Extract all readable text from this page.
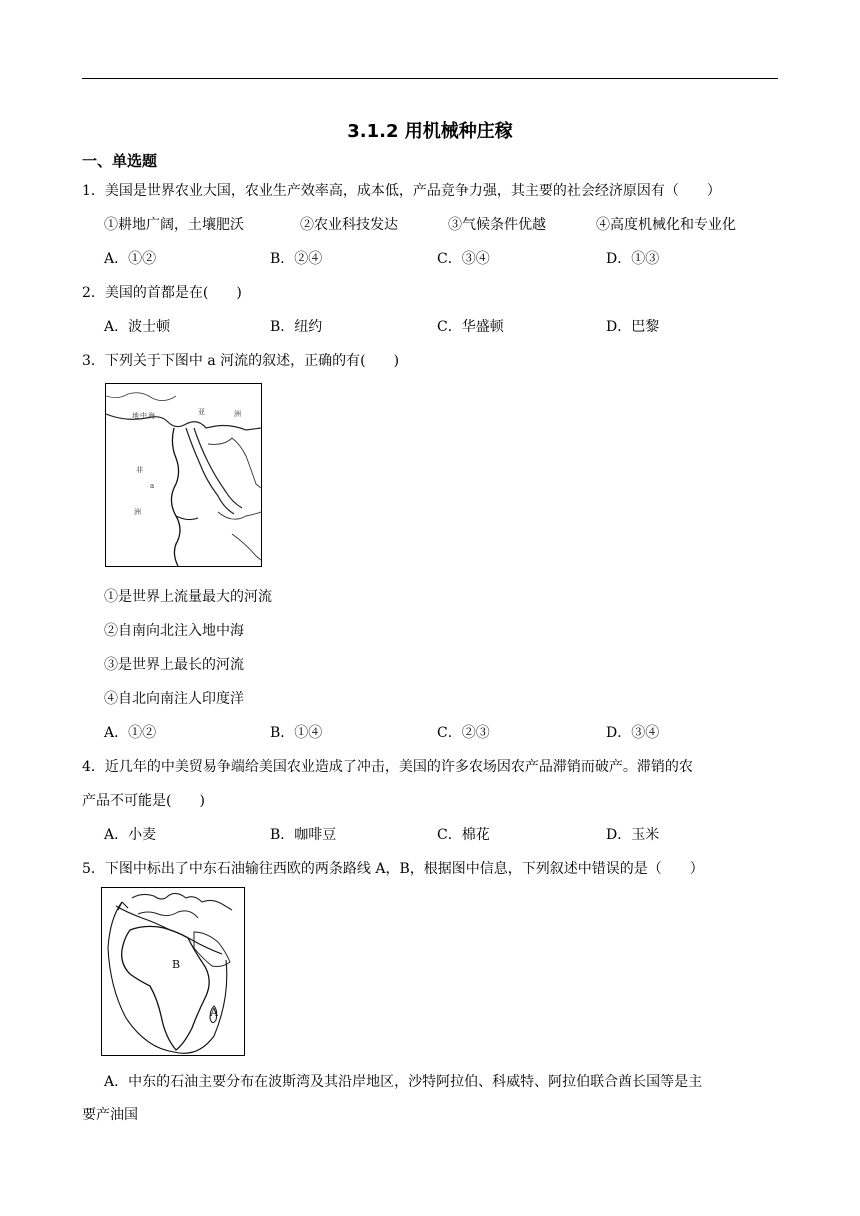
3.1.2 用机械种庄稼
一、单选题
1．美国是世界农业大国，农业生产效率高，成本低，产品竞争力强，其主要的社会经济原因有（　　）
①耕地广阔，土壤肥沃	②农业科技发达	③气候条件优越	④高度机械化和专业化
A．①②	B．②④	C．③④	D．①③
2．美国的首都是在(　　)
A．波士顿	B．纽约	C．华盛顿	D．巴黎
3．下列关于下图中 a 河流的叙述，正确的有(　　)
地 中 海	亚	洲
非
洲
a
①是世界上流量最大的河流
②自南向北注入地中海
③是世界上最长的河流
④自北向南注人印度洋
A．①②	B．①④	C．②③	D．③④
4．近几年的中美贸易争端给美国农业造成了冲击，美国的许多农场因农产品滞销而破产。滞销的农
产品不可能是(　　)
A．小麦	B．咖啡豆	C．棉花	D．玉米
5．下图中标出了中东石油输往西欧的两条路线 A，B，根据图中信息，下列叙述中错误的是（　　）
B
A
A．中东的石油主要分布在波斯湾及其沿岸地区，沙特阿拉伯、科威特、阿拉伯联合酋长国等是主
要产油国
